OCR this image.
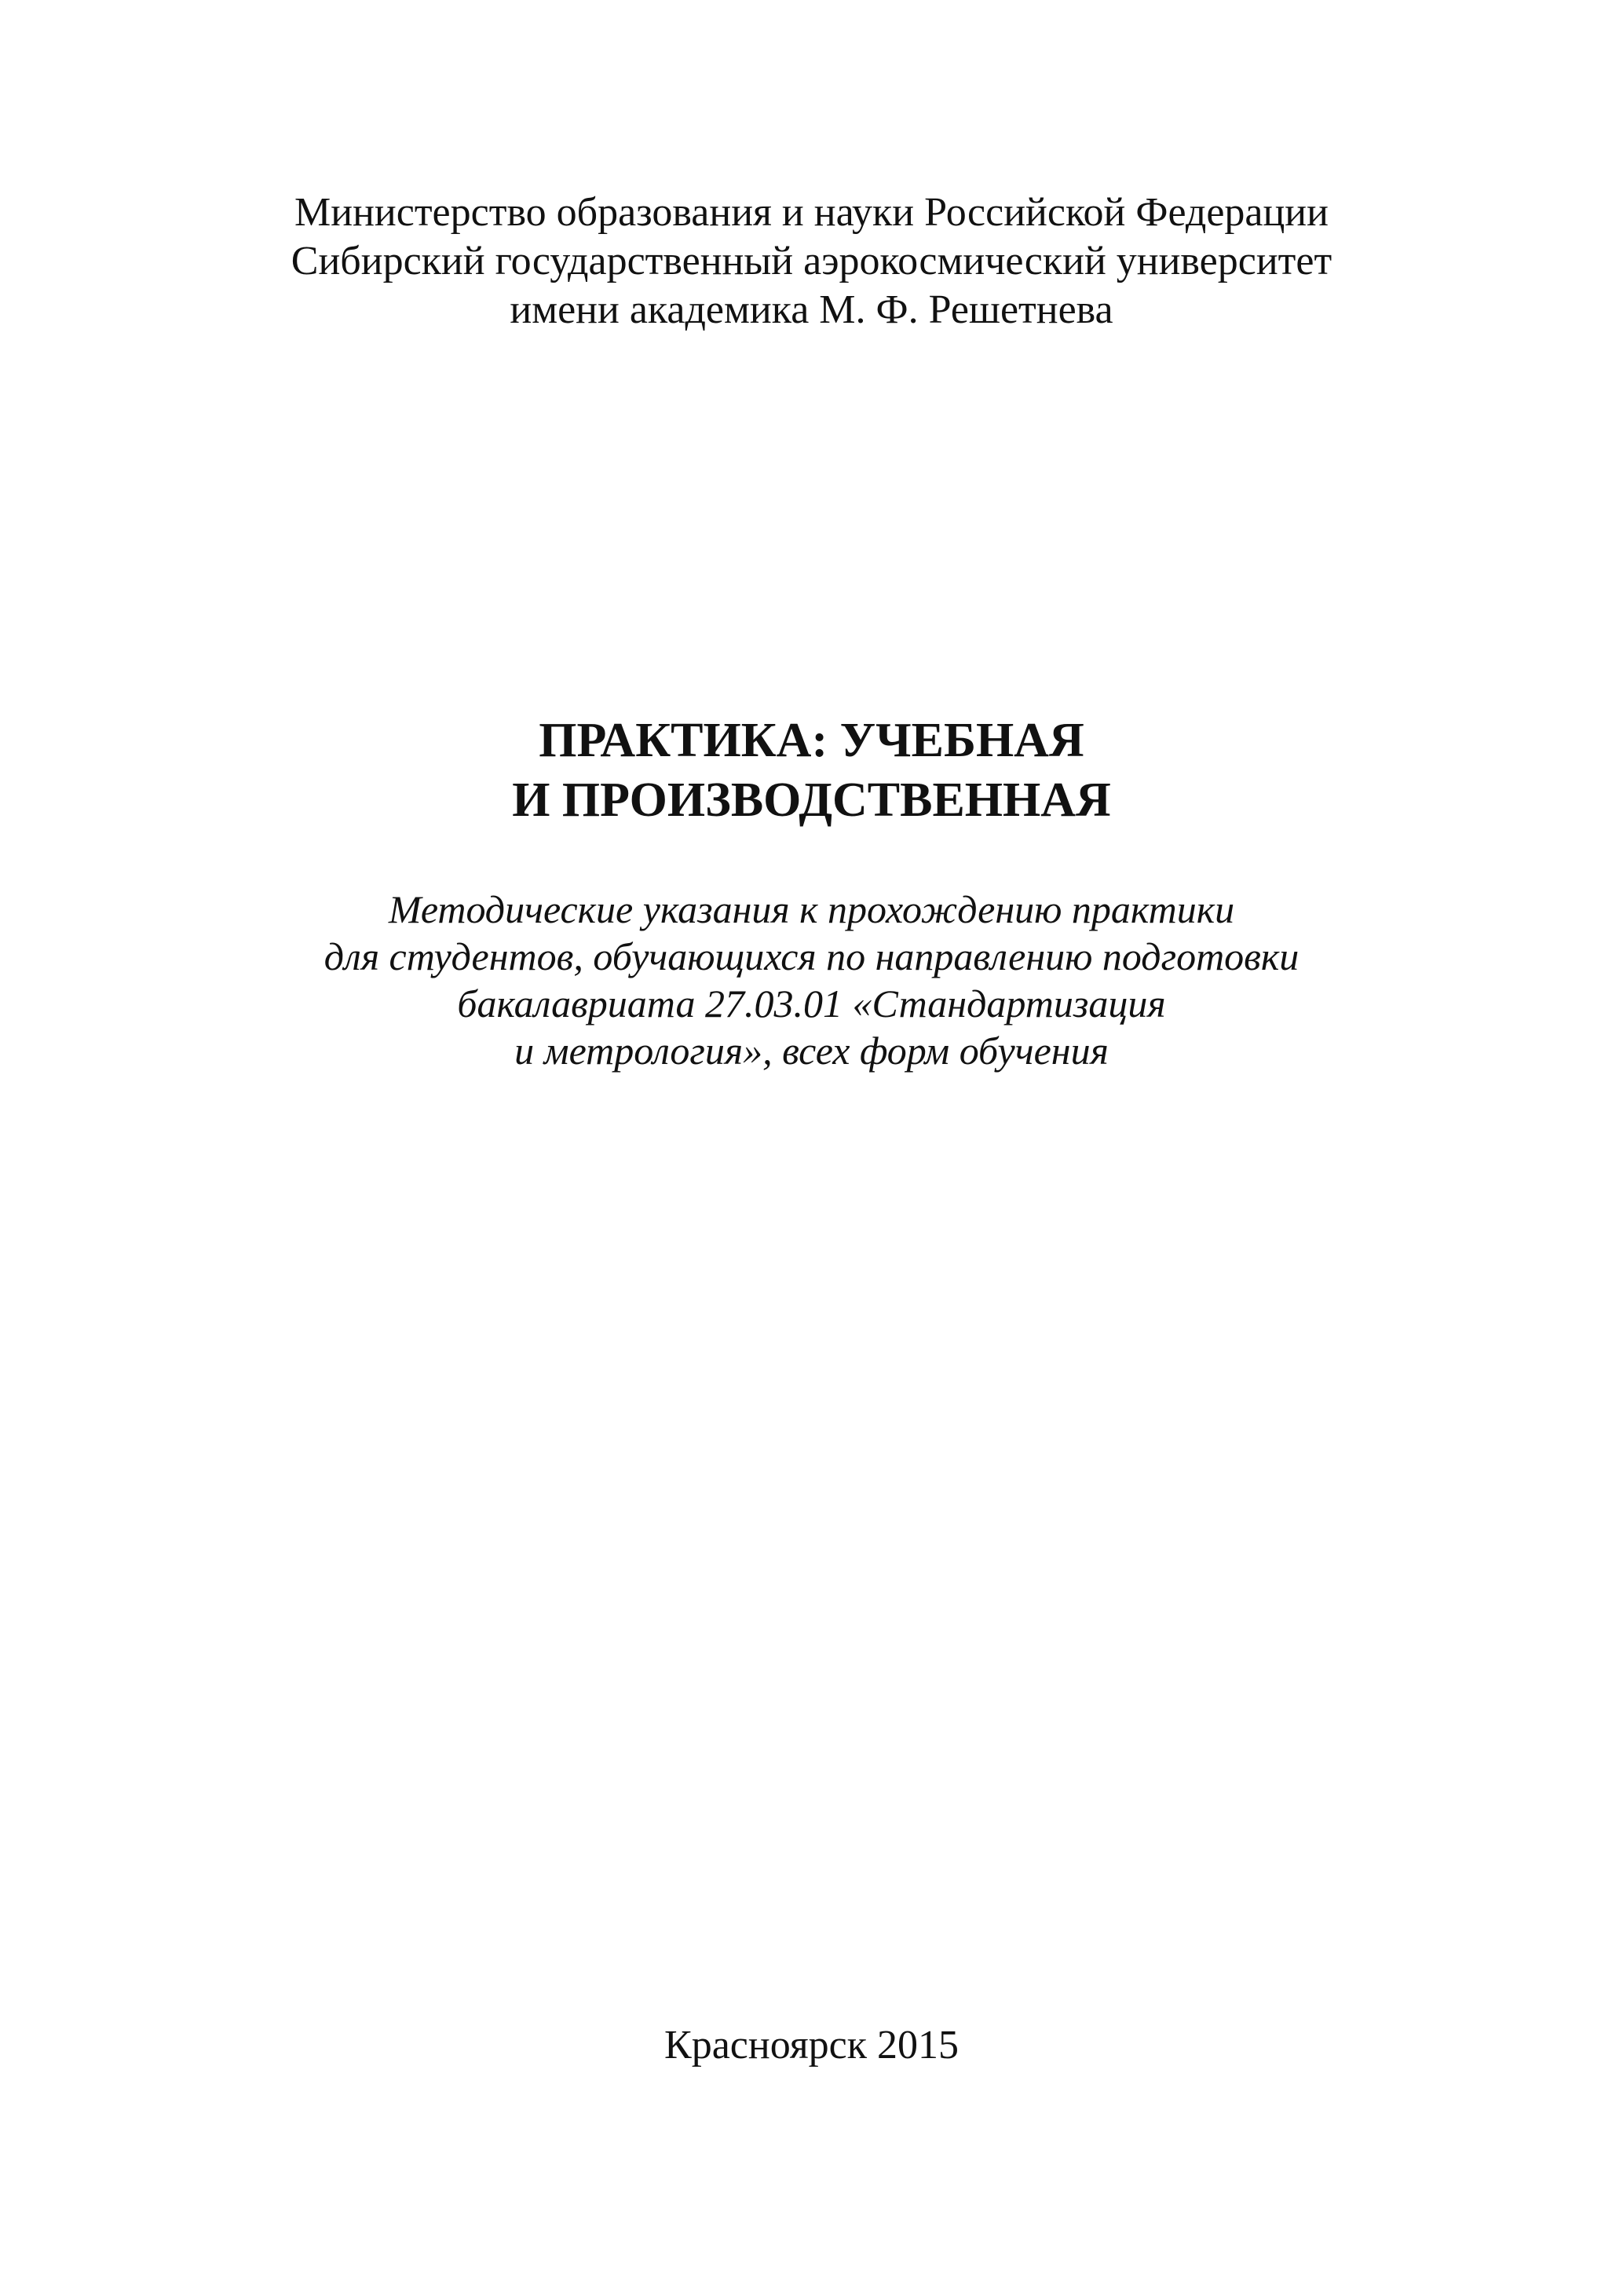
Министерство образования и науки Российской Федерации
Сибирский государственный аэрокосмический университет
имени академика М. Ф. Решетнева
ПРАКТИКА: УЧЕБНАЯ
И ПРОИЗВОДСТВЕННАЯ
Методические указания к прохождению практики
для студентов, обучающихся по направлению подготовки
бакалавриата 27.03.01 «Стандартизация
и метрология», всех форм обучения
Красноярск 2015
